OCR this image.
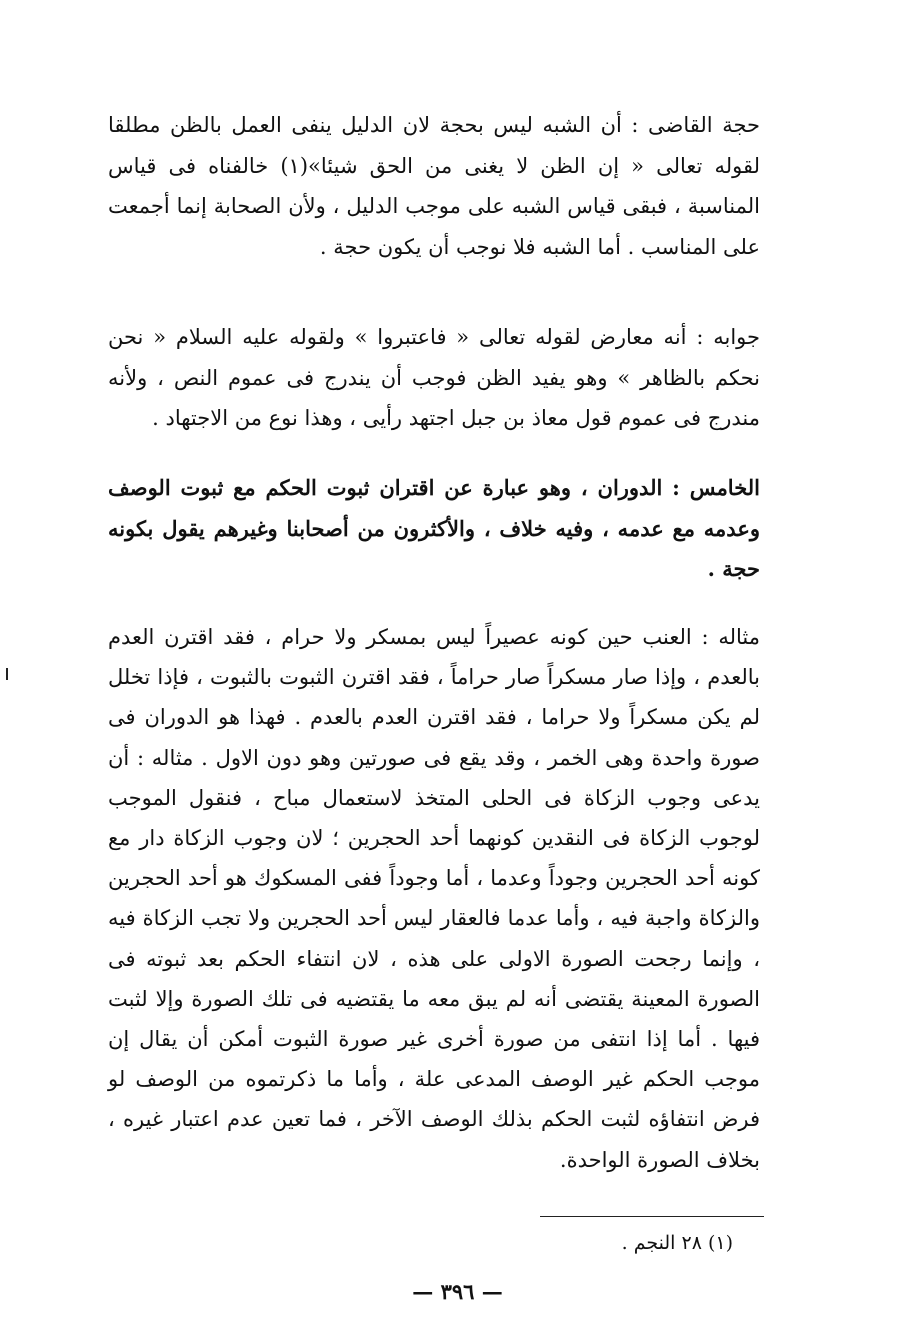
حجة القاضى : أن الشبه ليس بحجة لان الدليل ينفى العمل بالظن مطلقا لقوله تعالى « إن الظن لا يغنى من الحق شيئا»(١) خالفناه فى قياس المناسبة ، فبقى قياس الشبه على موجب الدليل ، ولأن الصحابة إنما أجمعت على المناسب . أما الشبه فلا نوجب أن يكون حجة .

جوابه : أنه معارض لقوله تعالى « فاعتبروا » ولقوله عليه السلام « نحن نحكم بالظاهر » وهو يفيد الظن فوجب أن يندرج فى عموم النص ، ولأنه مندرج فى عموم قول معاذ بن جبل اجتهد رأيى ، وهذا نوع من الاجتهاد .

الخامس : الدوران ، وهو عبارة عن اقتران ثبوت الحكم مع ثبوت الوصف وعدمه مع عدمه ، وفيه خلاف ، والأكثرون من أصحابنا وغيرهم يقول بكونه حجة .

مثاله : العنب حين كونه عصيراً ليس بمسكر ولا حرام ، فقد اقترن العدم بالعدم ، وإذا صار مسكراً صار حراماً ، فقد اقترن الثبوت بالثبوت ، فإذا تخلل لم يكن مسكراً ولا حراما ، فقد اقترن العدم بالعدم . فهذا هو الدوران فى صورة واحدة وهى الخمر ، وقد يقع فى صورتين وهو دون الاول . مثاله : أن يدعى وجوب الزكاة فى الحلى المتخذ لاستعمال مباح ، فنقول الموجب لوجوب الزكاة فى النقدين كونهما أحد الحجرين ؛ لان وجوب الزكاة دار مع كونه أحد الحجرين وجوداً وعدما ، أما وجوداً ففى المسكوك هو أحد الحجرين والزكاة واجبة فيه ، وأما عدما فالعقار ليس أحد الحجرين ولا تجب الزكاة فيه ، وإنما رجحت الصورة الاولى على هذه ، لان انتفاء الحكم بعد ثبوته فى الصورة المعينة يقتضى أنه لم يبق معه ما يقتضيه فى تلك الصورة وإلا لثبت فيها . أما إذا انتفى من صورة أخرى غير صورة الثبوت أمكن أن يقال إن موجب الحكم غير الوصف المدعى علة ، وأما ما ذكرتموه من الوصف لو فرض انتفاؤه لثبت الحكم بذلك الوصف الآخر ، فما تعين عدم اعتبار غيره ، بخلاف الصورة الواحدة.

(١) ٢٨ النجم .
— ٣٩٦ —
